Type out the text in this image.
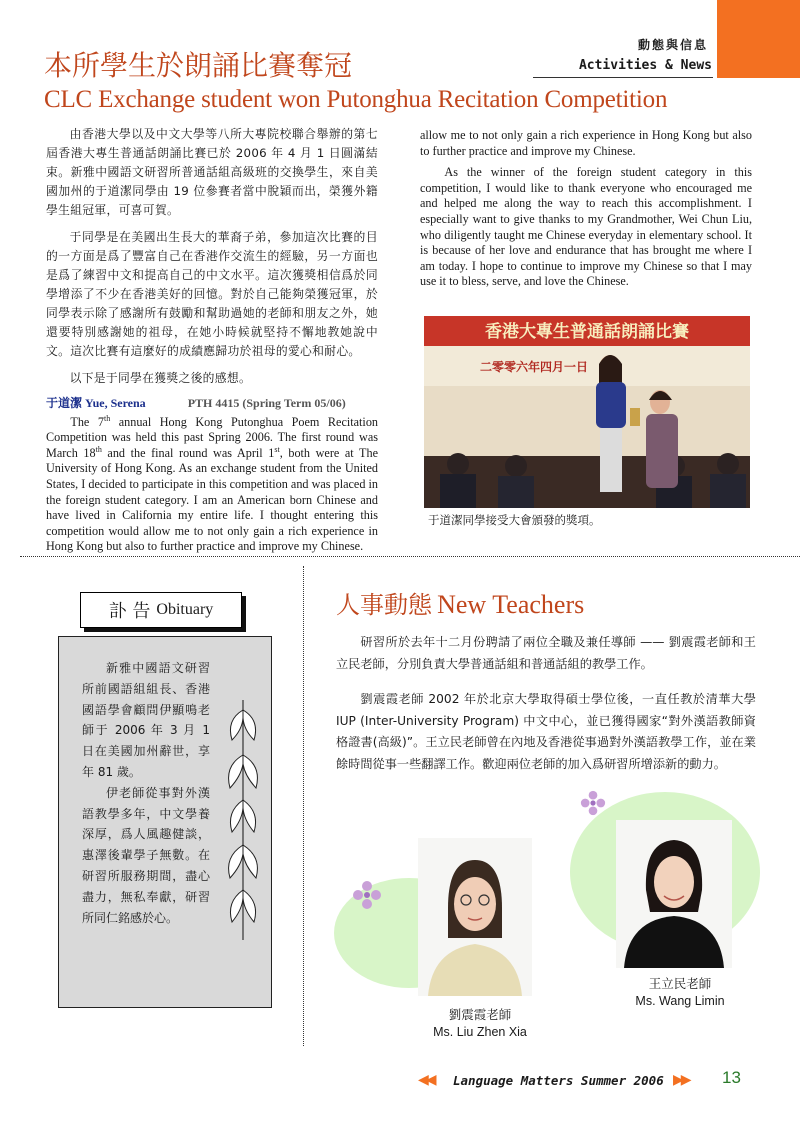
動態與信息
Activities & News
本所學生於朗誦比賽奪冠
CLC Exchange student won Putonghua Recitation Competition

由香港大學以及中文大學等八所大專院校聯合舉辦的第七屆香港大專生普通話朗誦比賽已於 2006 年 4 月 1 日圓滿結束。新雅中國語文研習所普通話組高級班的交換學生，來自美國加州的于道潔同學由 19 位參賽者當中脫穎而出，榮獲外籍學生組冠軍，可喜可賀。

于同學是在美國出生長大的華裔子弟，參加這次比賽的目的一方面是爲了豐富自己在香港作交流生的經驗，另一方面也是爲了練習中文和提高自己的中文水平。這次獲獎相信爲於同學增添了不少在香港美好的回憶。對於自己能夠榮獲冠軍，於同學表示除了感謝所有鼓勵和幫助過她的老師和朋友之外，她還要特別感謝她的祖母，在她小時候就堅持不懈地教她說中文。這次比賽有這麼好的成績應歸功於祖母的愛心和耐心。

以下是于同學在獲獎之後的感想。

于道潔 Yue, Serena	PTH 4415 (Spring Term 05/06)

The 7th annual Hong Kong Putonghua Poem Recitation Competition was held this past Spring 2006. The first round was March 18th and the final round was April 1st, both were at The University of Hong Kong. As an exchange student from the United States, I decided to participate in this competition and was placed in the foreign student category. I am an American born Chinese and have lived in California my entire life. I thought entering this competition would allow me to not only gain a rich experience in Hong Kong but also to further practice and improve my Chinese.

allow me to not only gain a rich experience in Hong Kong but also to further practice and improve my Chinese.

As the winner of the foreign student category in this competition, I would like to thank everyone who encouraged me and helped me along the way to reach this accomplishment. I especially want to give thanks to my Grandmother, Wei Chun Liu, who diligently taught me Chinese everyday in elementary school. It is because of her love and endurance that has brought me where I am today. I hope to continue to improve my Chinese so that I may use it to bless, serve, and love the Chinese.

香港大專生普通話朗誦比賽
二零零六年四月一日
于道潔同學接受大會頒發的獎項。
訃 告 Obituary

新雅中國語文研習所前國語組組長、香港國語學會顧問伊顯鳴老師于 2006 年 3 月 1 日在美國加州辭世，享年 81 歲。

伊老師從事對外漢語教學多年，中文學養深厚，爲人風趣健談，惠澤後輩學子無數。在研習所服務期間，盡心盡力，無私奉獻，研習所同仁銘感於心。

人事動態 New Teachers

研習所於去年十二月份聘請了兩位全職及兼任導師 —— 劉震霞老師和王立民老師，分別負責大學普通話組和普通話組的教學工作。

劉震霞老師 2002 年於北京大學取得碩士學位後，一直任教於清華大學 IUP (Inter-University Program) 中文中心，並已獲得國家“對外漢語教師資格證書(高級)”。王立民老師曾在內地及香港從事過對外漢語教學工作，並在業餘時間從事一些翻譯工作。歡迎兩位老師的加入爲研習所增添新的動力。

劉震霞老師
Ms. Liu Zhen Xia
王立民老師
Ms. Wang Limin
◀◀ Language Matters Summer 2006 ▶▶ 13
